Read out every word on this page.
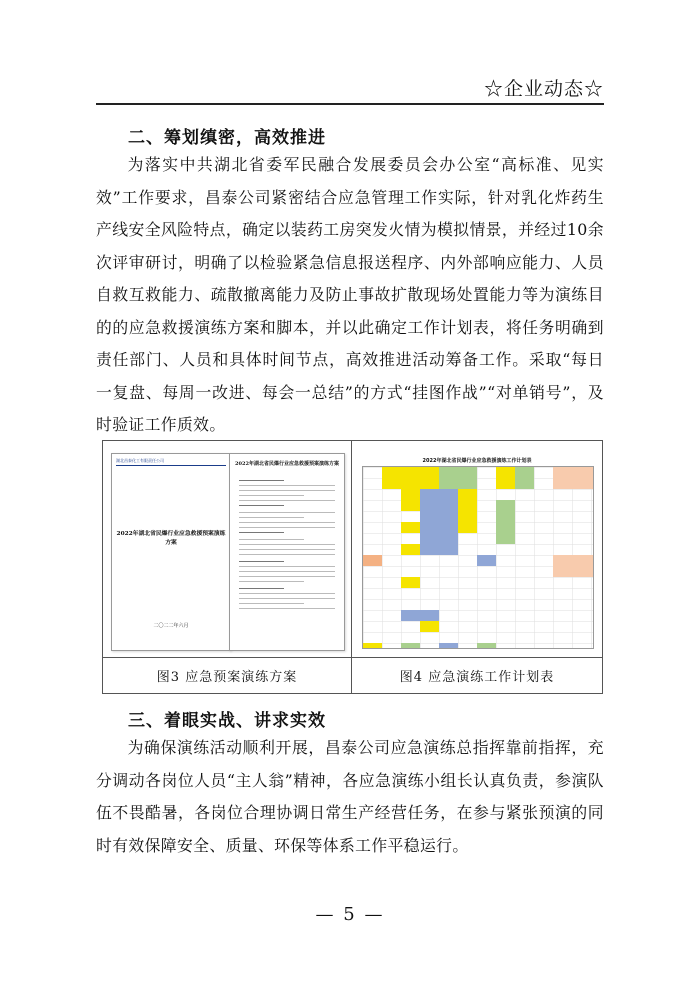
☆企业动态☆
二、筹划缜密，高效推进

为落实中共湖北省委军民融合发展委员会办公室“高标准、见实效”工作要求，昌泰公司紧密结合应急管理工作实际，针对乳化炸药生产线安全风险特点，确定以装药工房突发火情为模拟情景，并经过10余次评审研讨，明确了以检验紧急信息报送程序、内外部响应能力、人员自救互救能力、疏散撤离能力及防止事故扩散现场处置能力等为演练目的的应急救援演练方案和脚本，并以此确定工作计划表，将任务明确到责任部门、人员和具体时间节点，高效推进活动筹备工作。采取“每日一复盘、每周一改进、每会一总结”的方式“挂图作战”“对单销号”，及时验证工作质效。

湖北昌泰化工有限责任公司
2022年湖北省民爆行业应急救援预案演练方案
二〇二二年六月
2022年湖北省民爆行业应急救援预案演练方案	2022年湖北省民爆行业应急救援演练工作计划表
图3 应急预案演练方案	图4 应急演练工作计划表
三、着眼实战、讲求实效

为确保演练活动顺利开展，昌泰公司应急演练总指挥靠前指挥，充分调动各岗位人员“主人翁”精神，各应急演练小组长认真负责，参演队伍不畏酷暑，各岗位合理协调日常生产经营任务，在参与紧张预演的同时有效保障安全、质量、环保等体系工作平稳运行。

— 5 —
